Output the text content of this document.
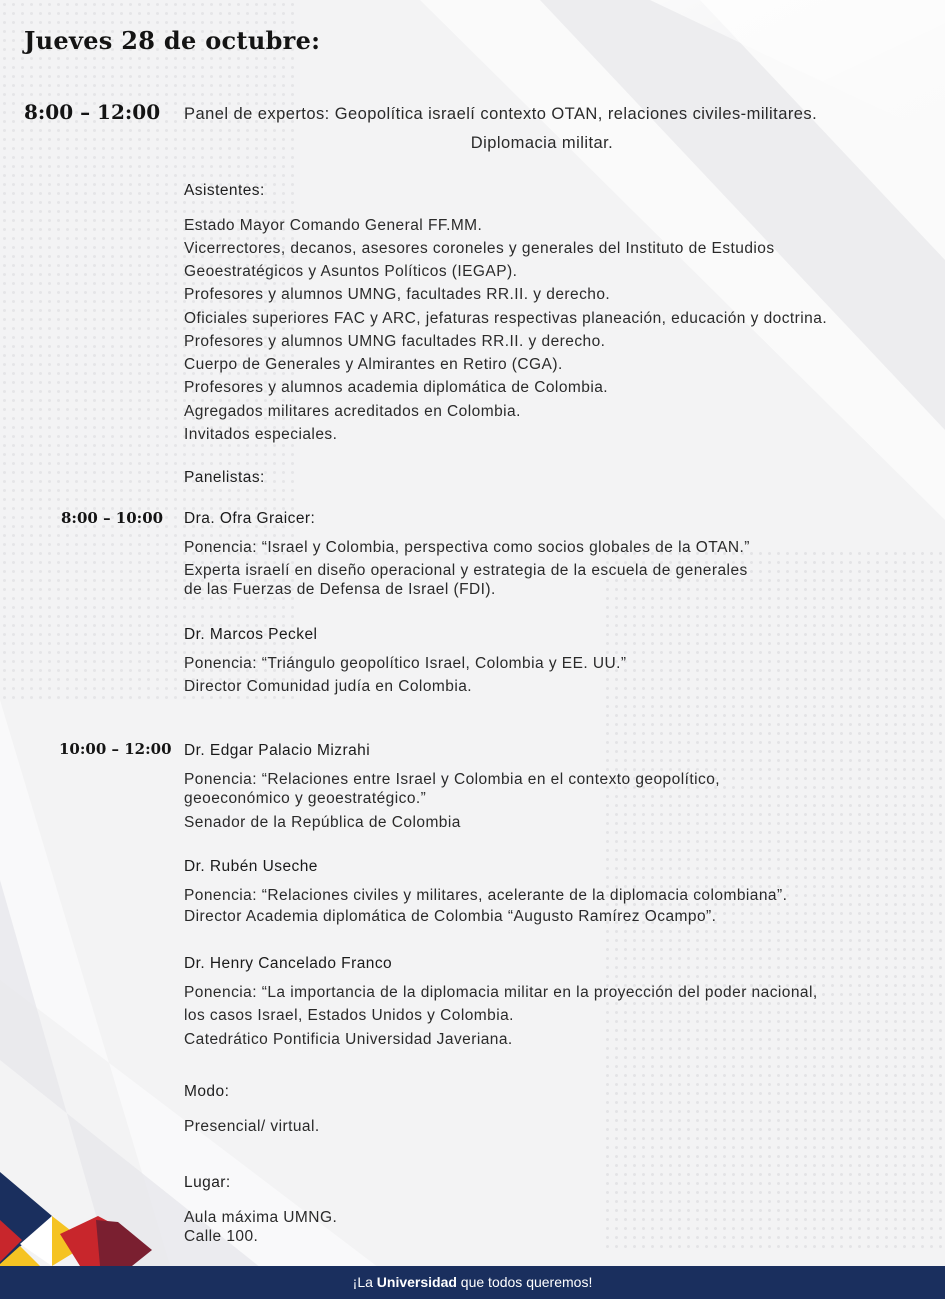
Jueves 28 de octubre:
8:00 – 12:00 Panel de expertos: Geopolítica israelí contexto OTAN, relaciones civiles-militares.
Diplomacia militar.
Asistentes:
Estado Mayor Comando General FF.MM.
Vicerrectores, decanos, asesores coroneles y generales del Instituto de Estudios
Geoestratégicos y Asuntos Políticos (IEGAP).
Profesores y alumnos UMNG, facultades RR.II. y derecho.
Oficiales superiores FAC y ARC, jefaturas respectivas planeación, educación y doctrina.
Profesores y alumnos UMNG facultades RR.II. y derecho.
Cuerpo de Generales y Almirantes en Retiro (CGA).
Profesores y alumnos academia diplomática de Colombia.
Agregados militares acreditados en Colombia.
Invitados especiales.
Panelistas:
8:00 – 10:00 Dra. Ofra Graicer:
Ponencia: “Israel y Colombia, perspectiva como socios globales de la OTAN.”
Experta israelí en diseño operacional y estrategia de la escuela de generales
de las Fuerzas de Defensa de Israel (FDI).
Dr. Marcos Peckel
Ponencia: “Triángulo geopolítico Israel, Colombia y EE. UU.”
Director Comunidad judía en Colombia.
10:00 – 12:00 Dr. Edgar Palacio Mizrahi
Ponencia: “Relaciones entre Israel y Colombia en el contexto geopolítico,
geoeconómico y geoestratégico.”
Senador de la República de Colombia
Dr. Rubén Useche
Ponencia: “Relaciones civiles y militares, acelerante de la diplomacia colombiana”.
Director Academia diplomática de Colombia “Augusto Ramírez Ocampo”.
Dr. Henry Cancelado Franco
Ponencia: “La importancia de la diplomacia militar en la proyección del poder nacional,
los casos Israel, Estados Unidos y Colombia.
Catedrático Pontificia Universidad Javeriana.
Modo:
Presencial/ virtual.
Lugar:
Aula máxima UMNG.
Calle 100.
¡La Universidad que todos queremos!
